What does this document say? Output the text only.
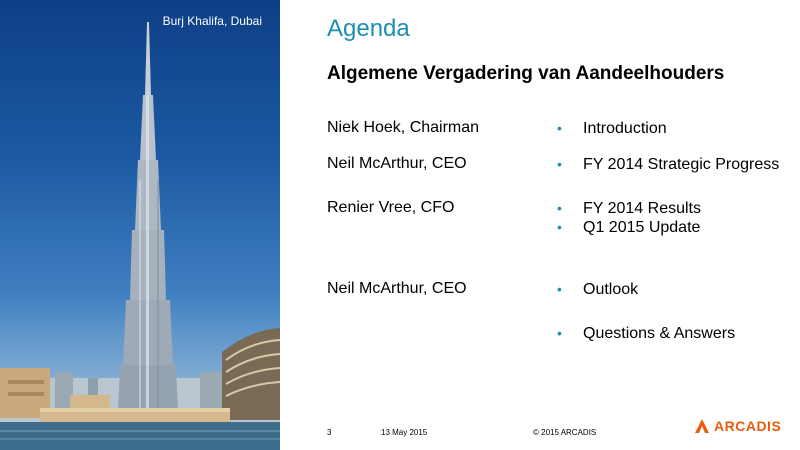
Burj Khalifa, Dubai	Agenda
Algemene Vergadering van Aandeelhouders
Niek Hoek, Chairman	• Introduction
Neil McArthur, CEO	• FY 2014 Strategic Progress
Renier Vree, CFO	• FY 2014 Results
• Q1 2015 Update
Neil McArthur, CEO	• Outlook
• Questions & Answers
3	13 May 2015	© 2015 ARCADIS	ARCADIS
